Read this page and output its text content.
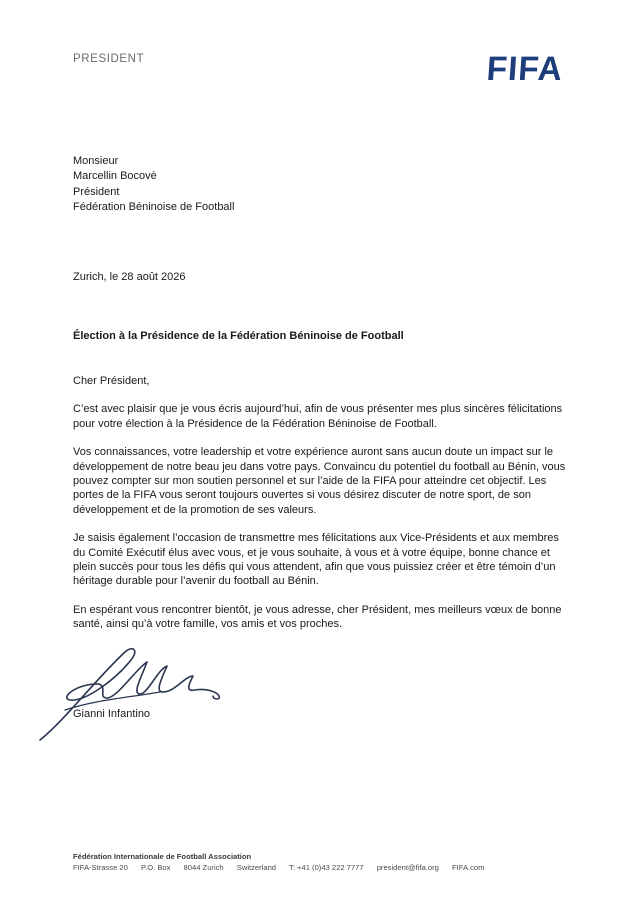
PRESIDENT	FIFA
Monsieur
Marcellin Bocovè
Président
Fédération Béninoise de Football
Zurich, le 28 août 2026
Élection à la Présidence de la Fédération Béninoise de Football

Cher Président,

C’est avec plaisir que je vous écris aujourd’hui, afin de vous présenter mes plus sincères félicitations pour votre élection à la Présidence de la Fédération Béninoise de Football.

Vos connaissances, votre leadership et votre expérience auront sans aucun doute un impact sur le développement de notre beau jeu dans votre pays. Convaincu du potentiel du football au Bénin, vous pouvez compter sur mon soutien personnel et sur l’aide de la FIFA pour atteindre cet objectif. Les portes de la FIFA vous seront toujours ouvertes si vous désirez discuter de notre sport, de son développement et de la promotion de ses valeurs.

Je saisis également l’occasion de transmettre mes félicitations aux Vice-Présidents et aux membres du Comité Exécutif élus avec vous, et je vous souhaite, à vous et à votre équipe, bonne chance et plein succès pour tous les défis qui vous attendent, afin que vous puissiez créer et être témoin d’un héritage durable pour l’avenir du football au Bénin.

En espérant vous rencontrer bientôt, je vous adresse, cher Président, mes meilleurs vœux de bonne santé, ainsi qu’à votre famille, vos amis et vos proches.

Gianni Infantino
Fédération Internationale de Football Association
FIFA-Strasse 20 P.O. Box 8044 Zurich Switzerland T: +41 (0)43 222 7777 president@fifa.org FIFA.com
